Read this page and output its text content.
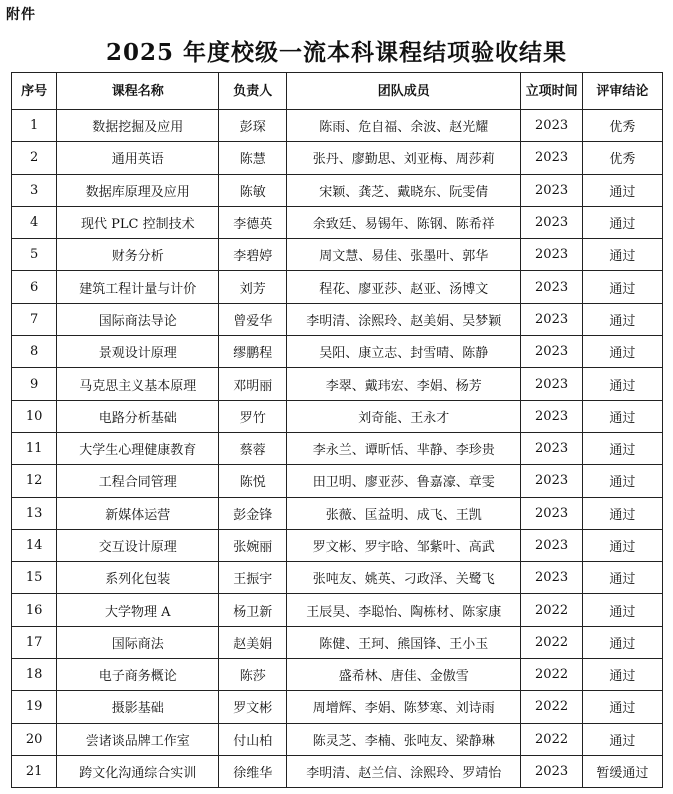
附件
2025 年度校级一流本科课程结项验收结果
序号	课程名称	负责人	团队成员	立项时间	评审结论
1	数据挖掘及应用	彭琛	陈雨、危自福、余波、赵光耀	2023	优秀
2	通用英语	陈慧	张丹、廖勤思、刘亚梅、周莎莉	2023	优秀
3	数据库原理及应用	陈敏	宋颖、龚芝、戴晓东、阮雯倩	2023	通过
4	现代 PLC 控制技术	李德英	余致廷、易锡年、陈钢、陈希祥	2023	通过
5	财务分析	李碧婷	周文慧、易佳、张墨叶、郭华	2023	通过
6	建筑工程计量与计价	刘芳	程花、廖亚莎、赵亚、汤博文	2023	通过
7	国际商法导论	曾爱华	李明清、涂熙玲、赵美娟、吴梦颖	2023	通过
8	景观设计原理	缪鹏程	吴阳、康立志、封雪晴、陈静	2023	通过
9	马克思主义基本原理	邓明丽	李翠、戴玮宏、李娟、杨芳	2023	通过
10	电路分析基础	罗竹	刘奇能、王永才	2023	通过
11	大学生心理健康教育	蔡蓉	李永兰、谭昕恬、芈静、李珍贵	2023	通过
12	工程合同管理	陈悦	田卫明、廖亚莎、鲁嘉濠、章雯	2023	通过
13	新媒体运营	彭金锋	张薇、匡益明、成飞、王凯	2023	通过
14	交互设计原理	张婉丽	罗文彬、罗宇晗、邹紫叶、高武	2023	通过
15	系列化包装	王振宇	张吨友、姚英、刁政泽、关鹭飞	2023	通过
16	大学物理 A	杨卫新	王辰昊、李聪怡、陶栋材、陈家康	2022	通过
17	国际商法	赵美娟	陈健、王珂、熊国锋、王小玉	2022	通过
18	电子商务概论	陈莎	盛希林、唐佳、金傲雪	2022	通过
19	摄影基础	罗文彬	周增辉、李娟、陈梦寒、刘诗雨	2022	通过
20	尝诸谈品牌工作室	付山柏	陈灵芝、李楠、张吨友、梁静琳	2022	通过
21	跨文化沟通综合实训	徐维华	李明清、赵兰信、涂熙玲、罗靖怡	2023	暂缓通过
